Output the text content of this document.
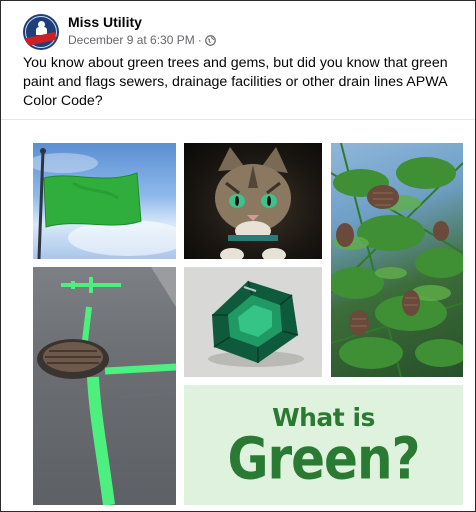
Miss Utility
December 9 at 6:30 PM ·
You know about green trees and gems, but did you know that green paint and flags sewers, drainage facilities or other drain lines APWA Color Code?
What is
Green?
